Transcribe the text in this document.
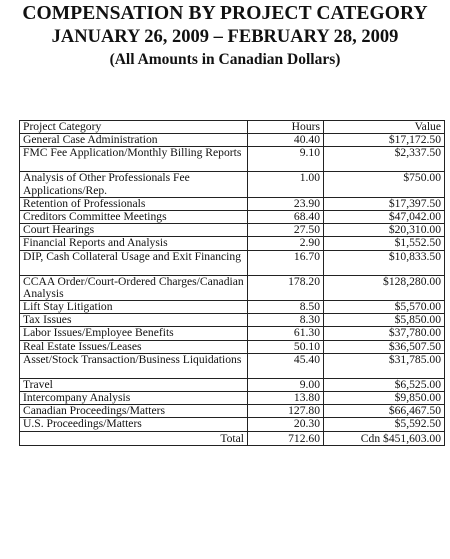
COMPENSATION BY PROJECT CATEGORY
JANUARY 26, 2009 – FEBRUARY 28, 2009
(All Amounts in Canadian Dollars)
Project Category	Hours	Value
General Case Administration	40.40	$17,172.50
FMC Fee Application/Monthly Billing Reports	9.10	$2,337.50
Analysis of Other Professionals Fee Applications/Rep.	1.00	$750.00
Retention of Professionals	23.90	$17,397.50
Creditors Committee Meetings	68.40	$47,042.00
Court Hearings	27.50	$20,310.00
Financial Reports and Analysis	2.90	$1,552.50
DIP, Cash Collateral Usage and Exit Financing	16.70	$10,833.50
CCAA Order/Court-Ordered Charges/Canadian Analysis	178.20	$128,280.00
Lift Stay Litigation	8.50	$5,570.00
Tax Issues	8.30	$5,850.00
Labor Issues/Employee Benefits	61.30	$37,780.00
Real Estate Issues/Leases	50.10	$36,507.50
Asset/Stock Transaction/Business Liquidations	45.40	$31,785.00
Travel	9.00	$6,525.00
Intercompany Analysis	13.80	$9,850.00
Canadian Proceedings/Matters	127.80	$66,467.50
U.S. Proceedings/Matters	20.30	$5,592.50
Total	712.60	Cdn $451,603.00
